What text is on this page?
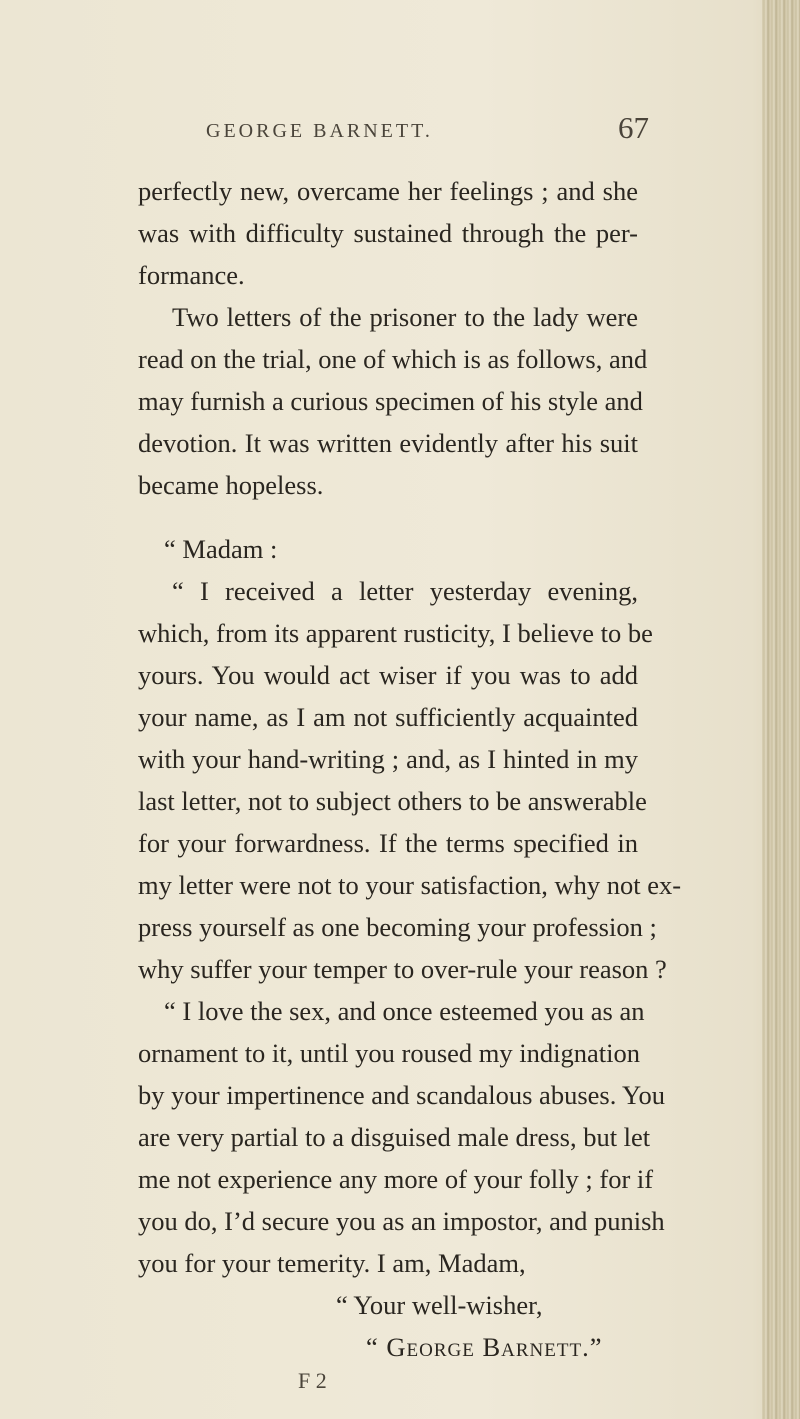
GEORGE BARNETT.	67
perfectly new, overcame her feelings ; and she
was with difficulty sustained through the per-
formance.
Two letters of the prisoner to the lady were
read on the trial, one of which is as follows, and
may furnish a curious specimen of his style and
devotion. It was written evidently after his suit
became hopeless.
“ Madam :
“ I received a letter yesterday evening,
which, from its apparent rusticity, I believe to be
yours. You would act wiser if you was to add
your name, as I am not sufficiently acquainted
with your hand-writing ; and, as I hinted in my
last letter, not to subject others to be answerable
for your forwardness. If the terms specified in
my letter were not to your satisfaction, why not ex-
press yourself as one becoming your profession ;
why suffer your temper to over-rule your reason ?
“ I love the sex, and once esteemed you as an
ornament to it, until you roused my indignation
by your impertinence and scandalous abuses. You
are very partial to a disguised male dress, but let
me not experience any more of your folly ; for if
you do, I’d secure you as an impostor, and punish
you for your temerity. I am, Madam,
“ Your well-wisher,
“ George Barnett.”
F 2
